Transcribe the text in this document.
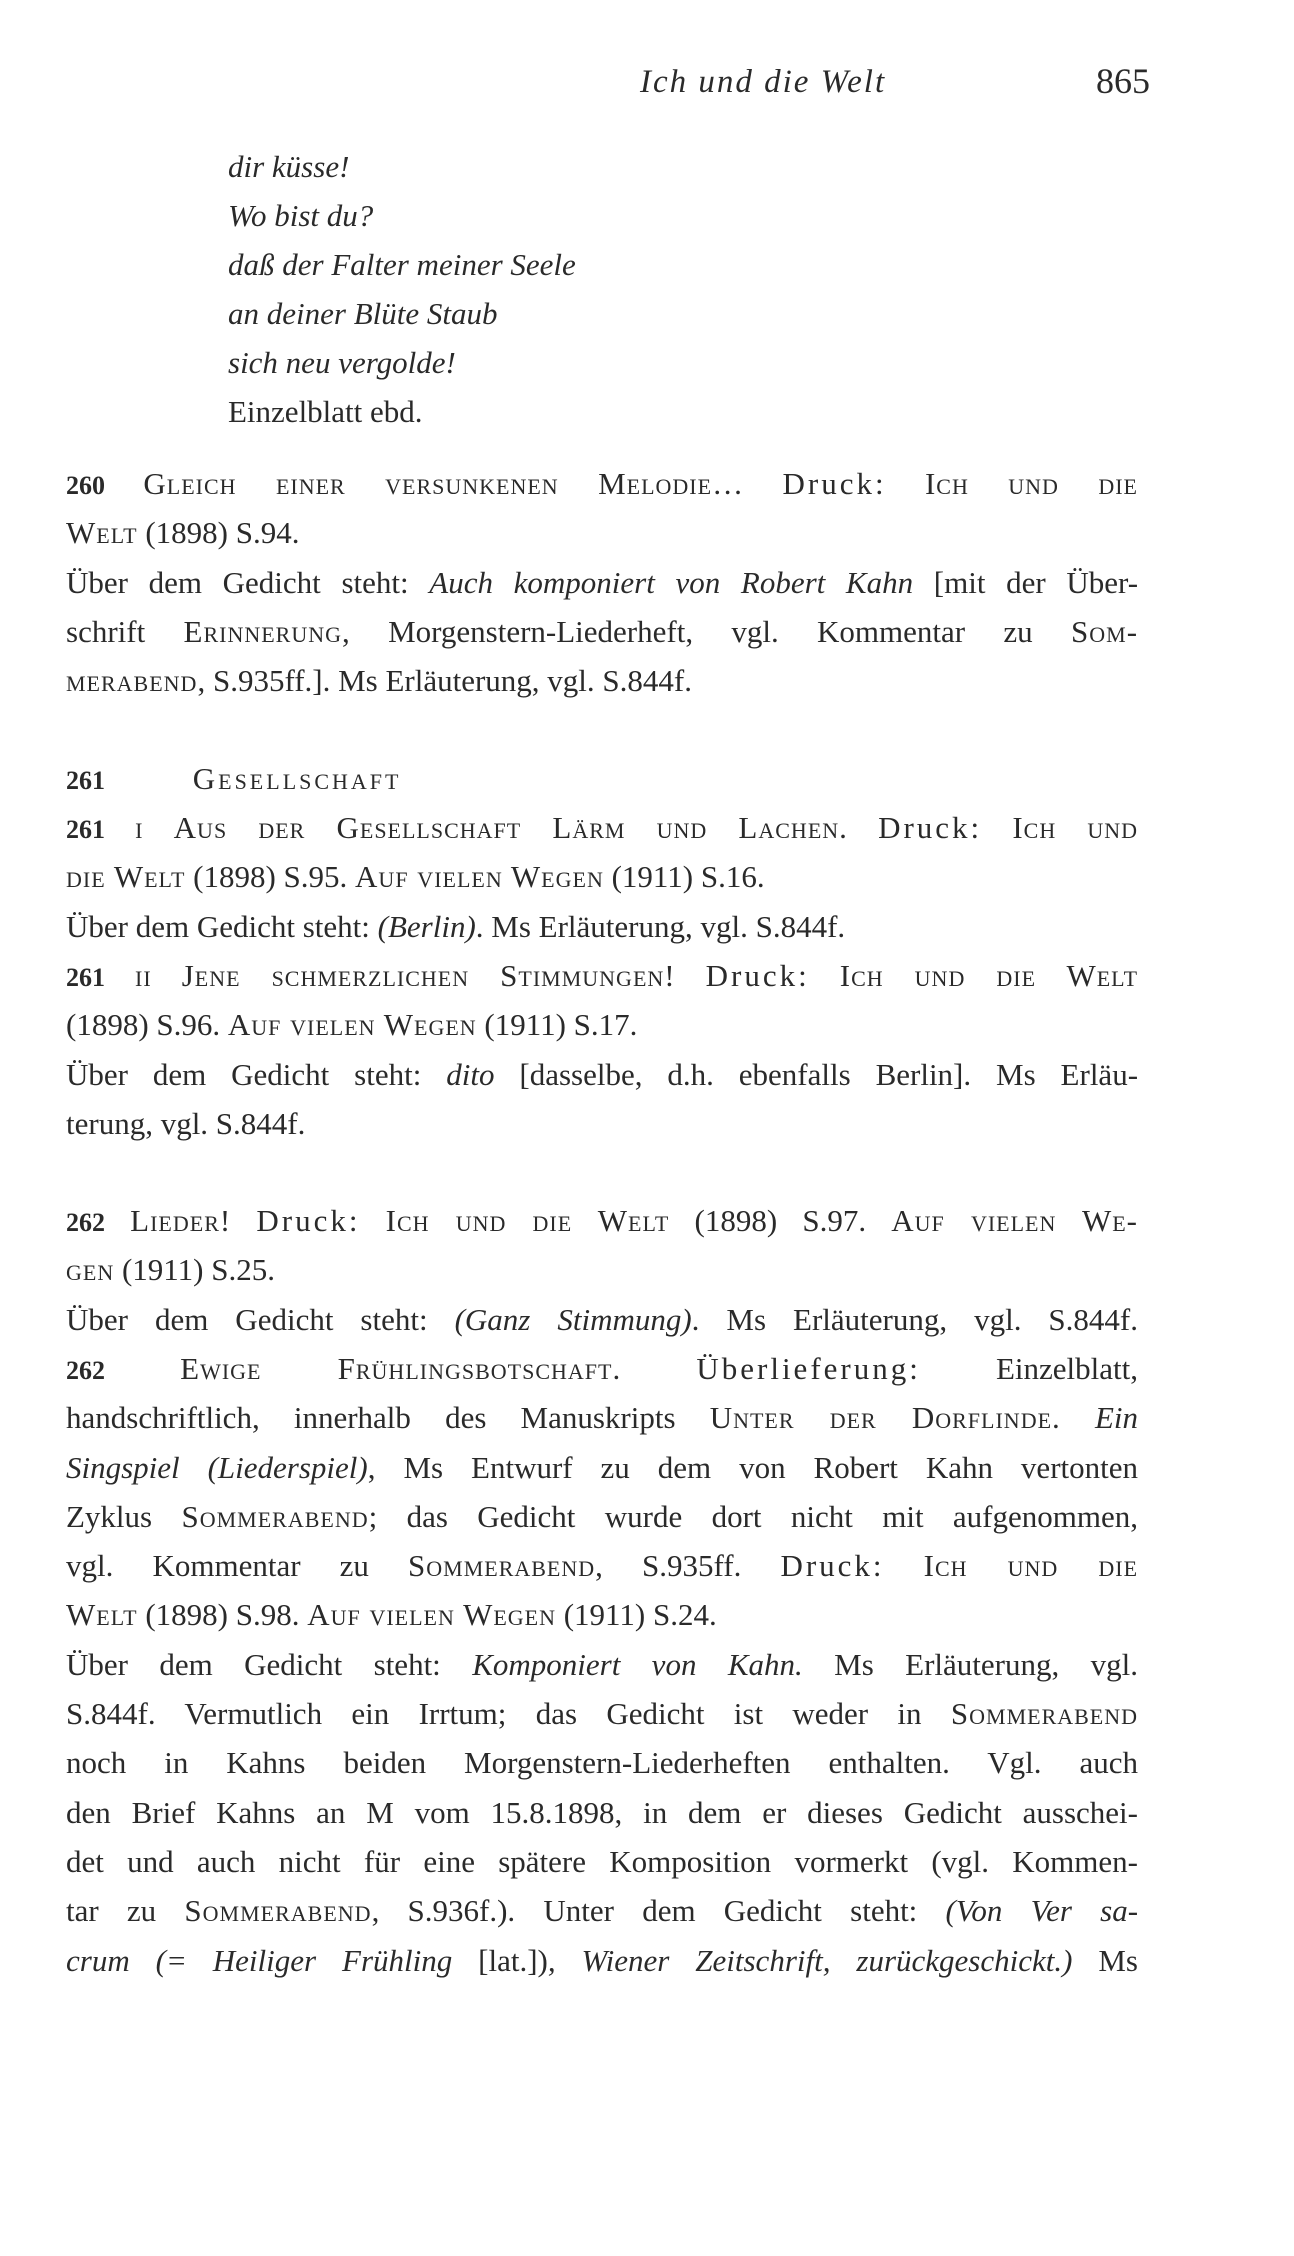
Ich und die Welt	865
dir küsse!
Wo bist du?
daß der Falter meiner Seele
an deiner Blüte Staub
sich neu vergolde!
Einzelblatt ebd.
260 Gleich einer versunkenen Melodie… Druck: Ich und die
Welt (1898) S.94.
Über dem Gedicht steht: Auch komponiert von Robert Kahn [mit der Über-
schrift Erinnerung, Morgenstern-Liederheft, vgl. Kommentar zu Som-
merabend, S.935ff.]. Ms Erläuterung, vgl. S.844f.
261	Gesellschaft
261 i Aus der Gesellschaft Lärm und Lachen. Druck: Ich und
die Welt (1898) S.95. Auf vielen Wegen (1911) S.16.
Über dem Gedicht steht: (Berlin). Ms Erläuterung, vgl. S.844f.
261 ii Jene schmerzlichen Stimmungen! Druck: Ich und die Welt
(1898) S.96. Auf vielen Wegen (1911) S.17.
Über dem Gedicht steht: dito [dasselbe, d.h. ebenfalls Berlin]. Ms Erläu-
terung, vgl. S.844f.
262 Lieder! Druck: Ich und die Welt (1898) S.97. Auf vielen We-
gen (1911) S.25.
Über dem Gedicht steht: (Ganz Stimmung). Ms Erläuterung, vgl. S.844f.
262 Ewige Frühlingsbotschaft. Überlieferung: Einzelblatt,
handschriftlich, innerhalb des Manuskripts Unter der Dorflinde. Ein
Singspiel (Liederspiel), Ms Entwurf zu dem von Robert Kahn vertonten
Zyklus Sommerabend; das Gedicht wurde dort nicht mit aufgenommen,
vgl. Kommentar zu Sommerabend, S.935ff. Druck: Ich und die
Welt (1898) S.98. Auf vielen Wegen (1911) S.24.
Über dem Gedicht steht: Komponiert von Kahn. Ms Erläuterung, vgl.
S.844f. Vermutlich ein Irrtum; das Gedicht ist weder in Sommerabend
noch in Kahns beiden Morgenstern-Liederheften enthalten. Vgl. auch
den Brief Kahns an M vom 15.8.1898, in dem er dieses Gedicht ausschei-
det und auch nicht für eine spätere Komposition vormerkt (vgl. Kommen-
tar zu Sommerabend, S.936f.). Unter dem Gedicht steht: (Von Ver sa-
crum (= Heiliger Frühling [lat.]), Wiener Zeitschrift, zurückgeschickt.) Ms
